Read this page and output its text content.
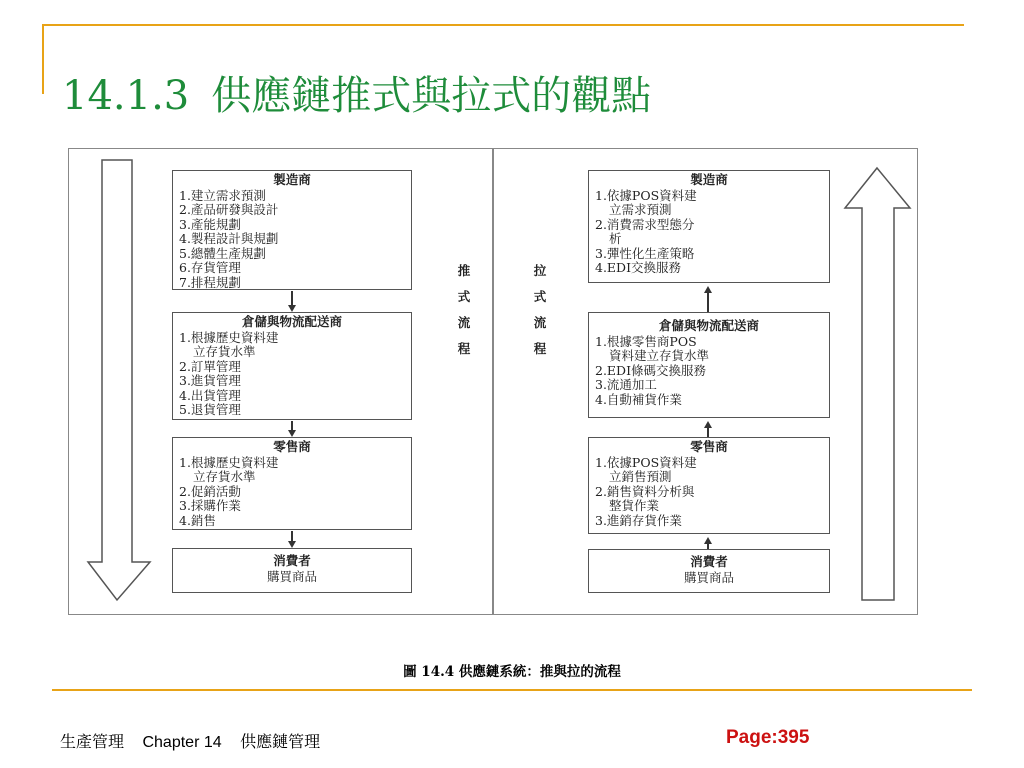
14.1.3 供應鏈推式與拉式的觀點
推
式
流
程
拉
式
流
程
製造商
1.建立需求預測
2.產品研發與設計
3.產能規劃
4.製程設計與規劃
5.總體生產規劃
6.存貨管理
7.排程規劃
倉儲與物流配送商
1.根據歷史資料建
立存貨水準
2.訂單管理
3.進貨管理
4.出貨管理
5.退貨管理
零售商
1.根據歷史資料建
立存貨水準
2.促銷活動
3.採購作業
4.銷售
消費者
購買商品
製造商
1.依據POS資料建
立需求預測
2.消費需求型態分
析
3.彈性化生產策略
4.EDI交換服務
倉儲與物流配送商
1.根據零售商POS
資料建立存貨水準
2.EDI條碼交換服務
3.流通加工
4.自動補貨作業
零售商
1.依據POS資料建
立銷售預測
2.銷售資料分析與
整貨作業
3.進銷存貨作業
消費者
購買商品
圖 14.4 供應鏈系統：推與拉的流程
生產管理 Chapter 14 供應鏈管理	Page:395
